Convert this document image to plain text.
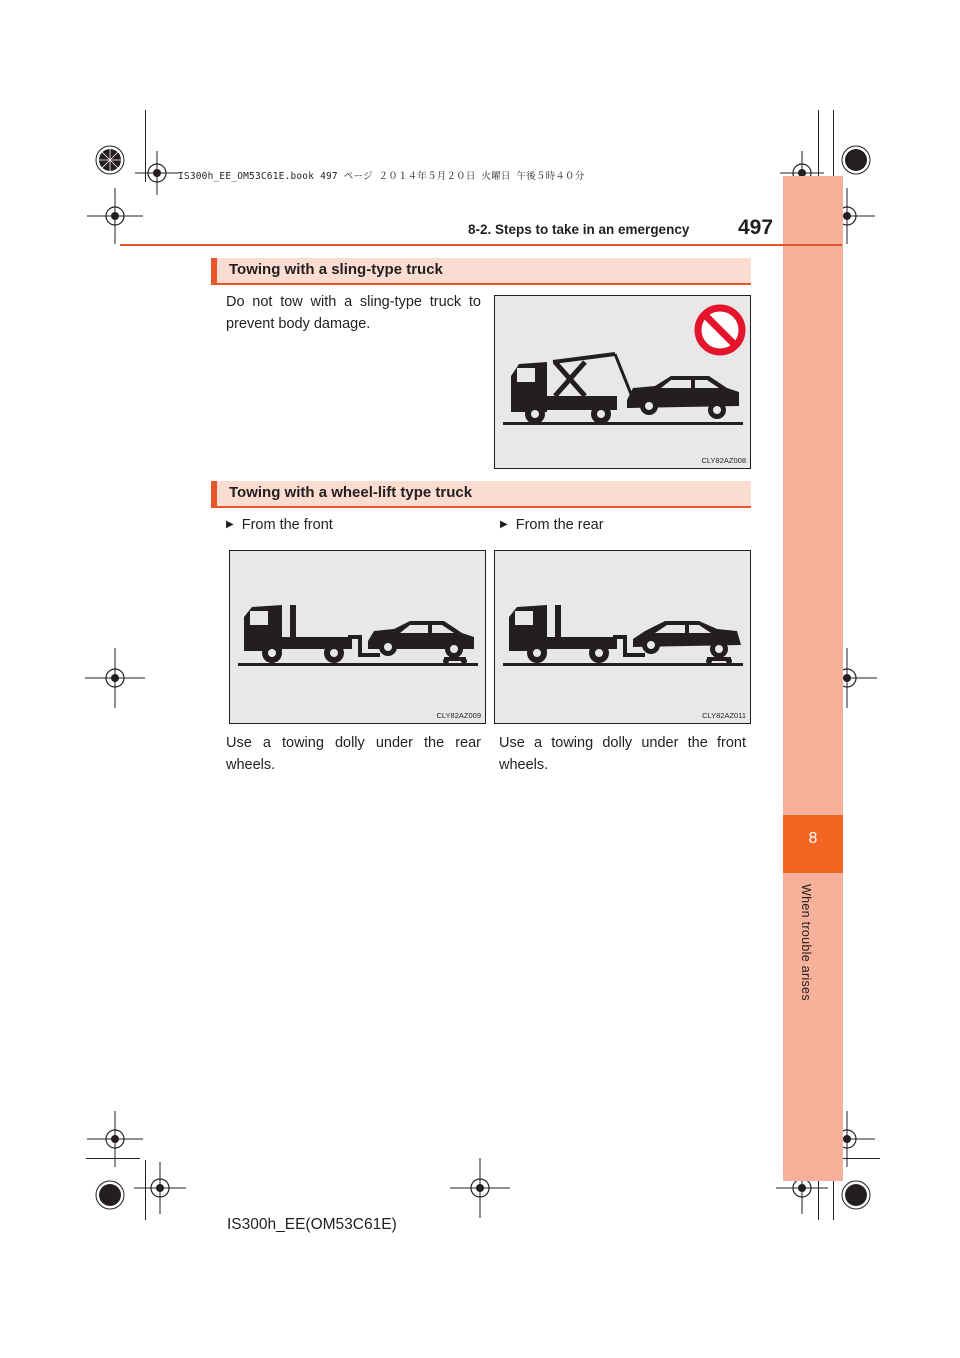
IS300h_EE_OM53C61E.book 497 ページ ２０１４年５月２０日 火曜日 午後５時４０分
8
When trouble arises
8-2. Steps to take in an emergency 497
Towing with a sling-type truck
Do not tow with a sling-type truck to prevent body damage.
CLY82AZ008
Towing with a wheel-lift type truck
▶ From the front	▶ From the rear
CLY82AZ009	CLY82AZ011
Use a towing dolly under the rear wheels.
Use a towing dolly under the front wheels.
IS300h_EE(OM53C61E)
